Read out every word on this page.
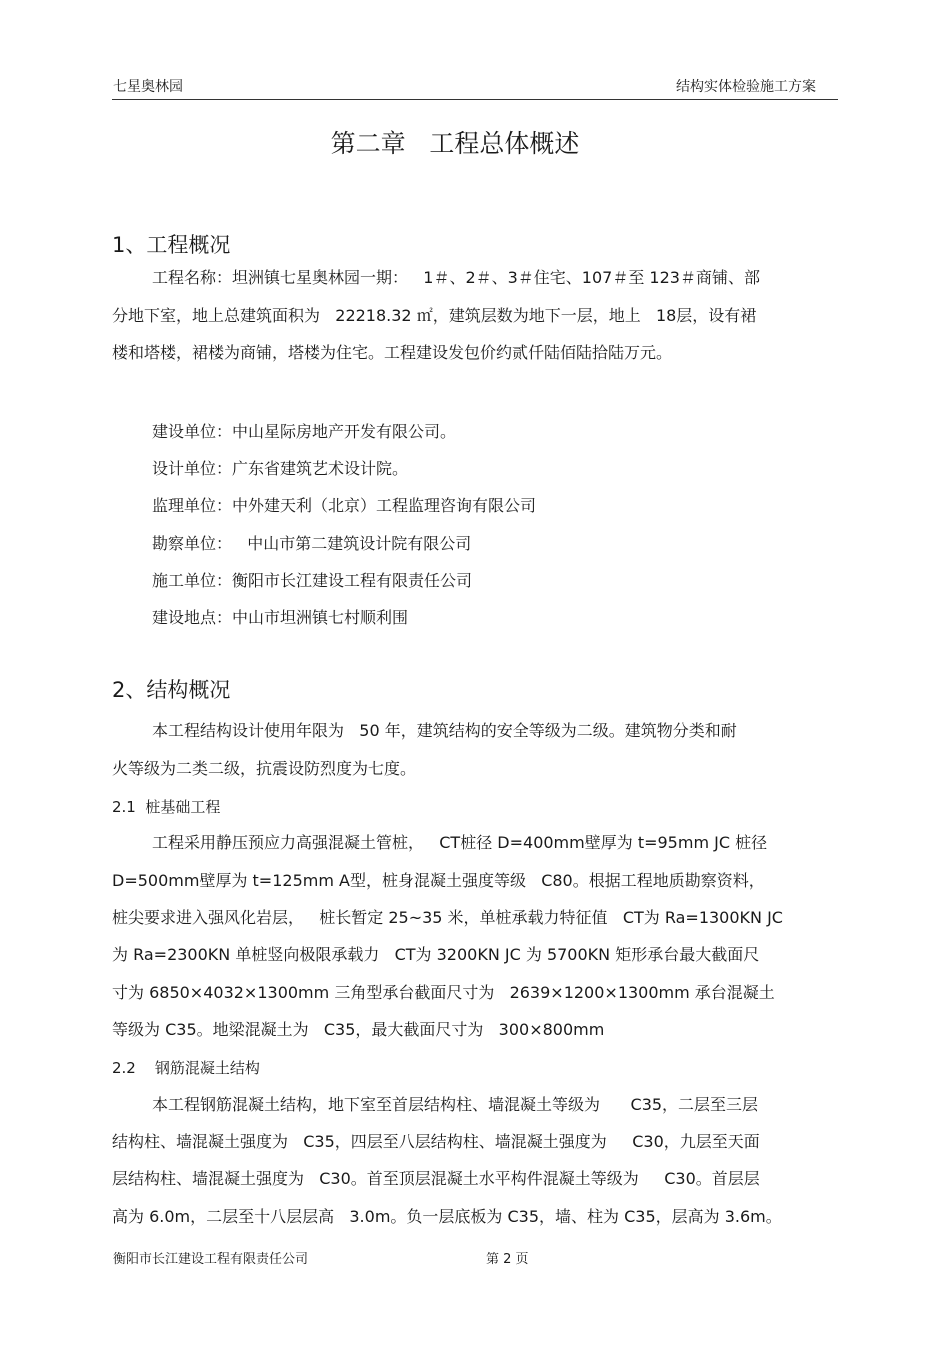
七星奥林园	结构实体检验施工方案
第二章   工程总体概述
1、工程概况
工程名称：坦洲镇七星奥林园一期：   1＃、2＃、3＃住宅、107＃至 123＃商铺、部
分地下室，地上总建筑面积为   22218.32 ㎡，建筑层数为地下一层，地上   18层，设有裙
楼和塔楼，裙楼为商铺，塔楼为住宅。工程建设发包价约贰仟陆佰陆拾陆万元。
建设单位：中山星际房地产开发有限公司。
设计单位：广东省建筑艺术设计院。
监理单位：中外建天利（北京）工程监理咨询有限公司
勘察单位：   中山市第二建筑设计院有限公司
施工单位：衡阳市长江建设工程有限责任公司
建设地点：中山市坦洲镇七村顺利围
2、结构概况
本工程结构设计使用年限为   50 年，建筑结构的安全等级为二级。建筑物分类和耐
火等级为二类二级，抗震设防烈度为七度。
2.1  桩基础工程
工程采用静压预应力高强混凝土管桩，   CT桩径 D=400mm壁厚为 t=95mm JC 桩径
D=500mm壁厚为 t=125mm A型，桩身混凝土强度等级   C80。根据工程地质勘察资料，
桩尖要求进入强风化岩层，   桩长暂定 25~35 米，单桩承载力特征值   CT为 Ra=1300KN JC
为 Ra=2300KN 单桩竖向极限承载力   CT为 3200KN JC 为 5700KN 矩形承台最大截面尺
寸为 6850×4032×1300mm 三角型承台截面尺寸为   2639×1200×1300mm 承台混凝土
等级为 C35。地梁混凝土为   C35，最大截面尺寸为   300×800mm
2.2    钢筋混凝土结构
本工程钢筋混凝土结构，地下室至首层结构柱、墙混凝土等级为      C35，二层至三层
结构柱、墙混凝土强度为   C35，四层至八层结构柱、墙混凝土强度为     C30，九层至天面
层结构柱、墙混凝土强度为   C30。首至顶层混凝土水平构件混凝土等级为     C30。首层层
高为 6.0m，二层至十八层层高   3.0m。负一层底板为 C35，墙、柱为 C35，层高为 3.6m。
衡阳市长江建设工程有限责任公司	第 2 页
